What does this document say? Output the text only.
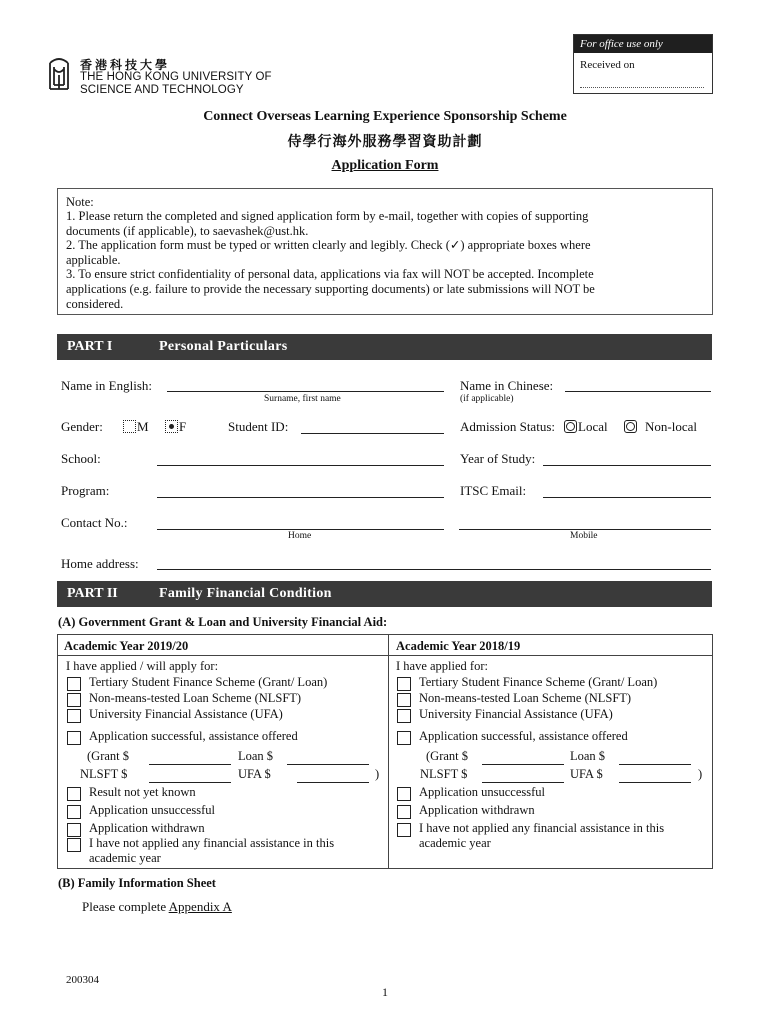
For office use only
Received on
香港科技大學
THE HONG KONG UNIVERSITY OF
SCIENCE AND TECHNOLOGY
Connect Overseas Learning Experience Sponsorship Scheme
侍學行海外服務學習資助計劃
Application Form
Note:
1. Please return the completed and signed application form by e-mail, together with copies of supporting
documents (if applicable), to saevashek@ust.hk.
2. The application form must be typed or written clearly and legibly. Check (✓) appropriate boxes where
applicable.
3. To ensure strict confidentiality of personal data, applications via fax will NOT be accepted. Incomplete
applications (e.g. failure to provide the necessary supporting documents) or late submissions will NOT be
considered.
PART I	Personal Particulars
Name in English:
Surname, first name
Name in Chinese:
(if applicable)
Gender:	M F	Student ID:	Admission Status: Local	Non-local
School:	Year of Study:
Program:	ITSC Email:
Contact No.:
Home	Mobile
Home address:
PART II	Family Financial Condition
(A) Government Grant & Loan and University Financial Aid:
Academic Year 2019/20	Academic Year 2018/19
I have applied / will apply for:
Tertiary Student Finance Scheme (Grant/ Loan)
Non-means-tested Loan Scheme (NLSFT)
University Financial Assistance (UFA)
Application successful, assistance offered
(Grant $	Loan $
NLSFT $	UFA $	)
Result not yet known
Application unsuccessful
Application withdrawn
I have not applied any financial assistance in this
academic year
I have applied for:
Tertiary Student Finance Scheme (Grant/ Loan)
Non-means-tested Loan Scheme (NLSFT)
University Financial Assistance (UFA)
Application successful, assistance offered
(Grant $	Loan $
NLSFT $	UFA $	)
Application unsuccessful
Application withdrawn
I have not applied any financial assistance in this
academic year
(B) Family Information Sheet
Please complete Appendix A
200304
1
